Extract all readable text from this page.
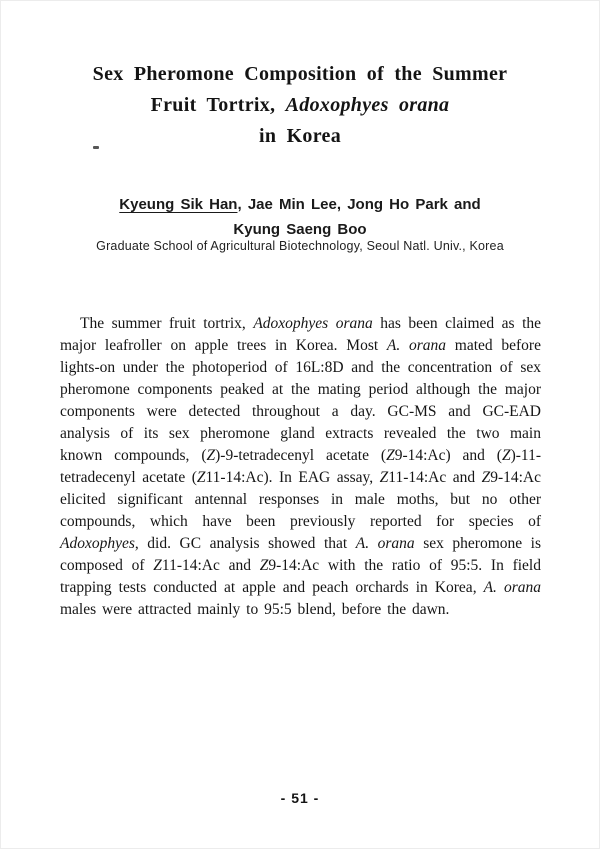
Sex Pheromone Composition of the Summer
Fruit Tortrix, Adoxophyes orana
in Korea
Kyeung Sik Han, Jae Min Lee, Jong Ho Park and
Kyung Saeng Boo
Graduate School of Agricultural Biotechnology, Seoul Natl. Univ., Korea

The summer fruit tortrix, Adoxophyes orana has been claimed as the major leafroller on apple trees in Korea. Most A. orana mated before lights-on under the photoperiod of 16L:8D and the concentration of sex pheromone components peaked at the mating period although the major components were detected throughout a day. GC-MS and GC-EAD analysis of its sex pheromone gland extracts revealed the two main known compounds, (Z)-9-tetradecenyl acetate (Z9-14:Ac) and (Z)-11-tetradecenyl acetate (Z11-14:Ac). In EAG assay, Z11-14:Ac and Z9-14:Ac elicited significant antennal responses in male moths, but no other compounds, which have been previously reported for species of Adoxophyes, did. GC analysis showed that A. orana sex pheromone is composed of Z11-14:Ac and Z9-14:Ac with the ratio of 95:5. In field trapping tests conducted at apple and peach orchards in Korea, A. orana males were attracted mainly to 95:5 blend, before the dawn.

- 51 -
